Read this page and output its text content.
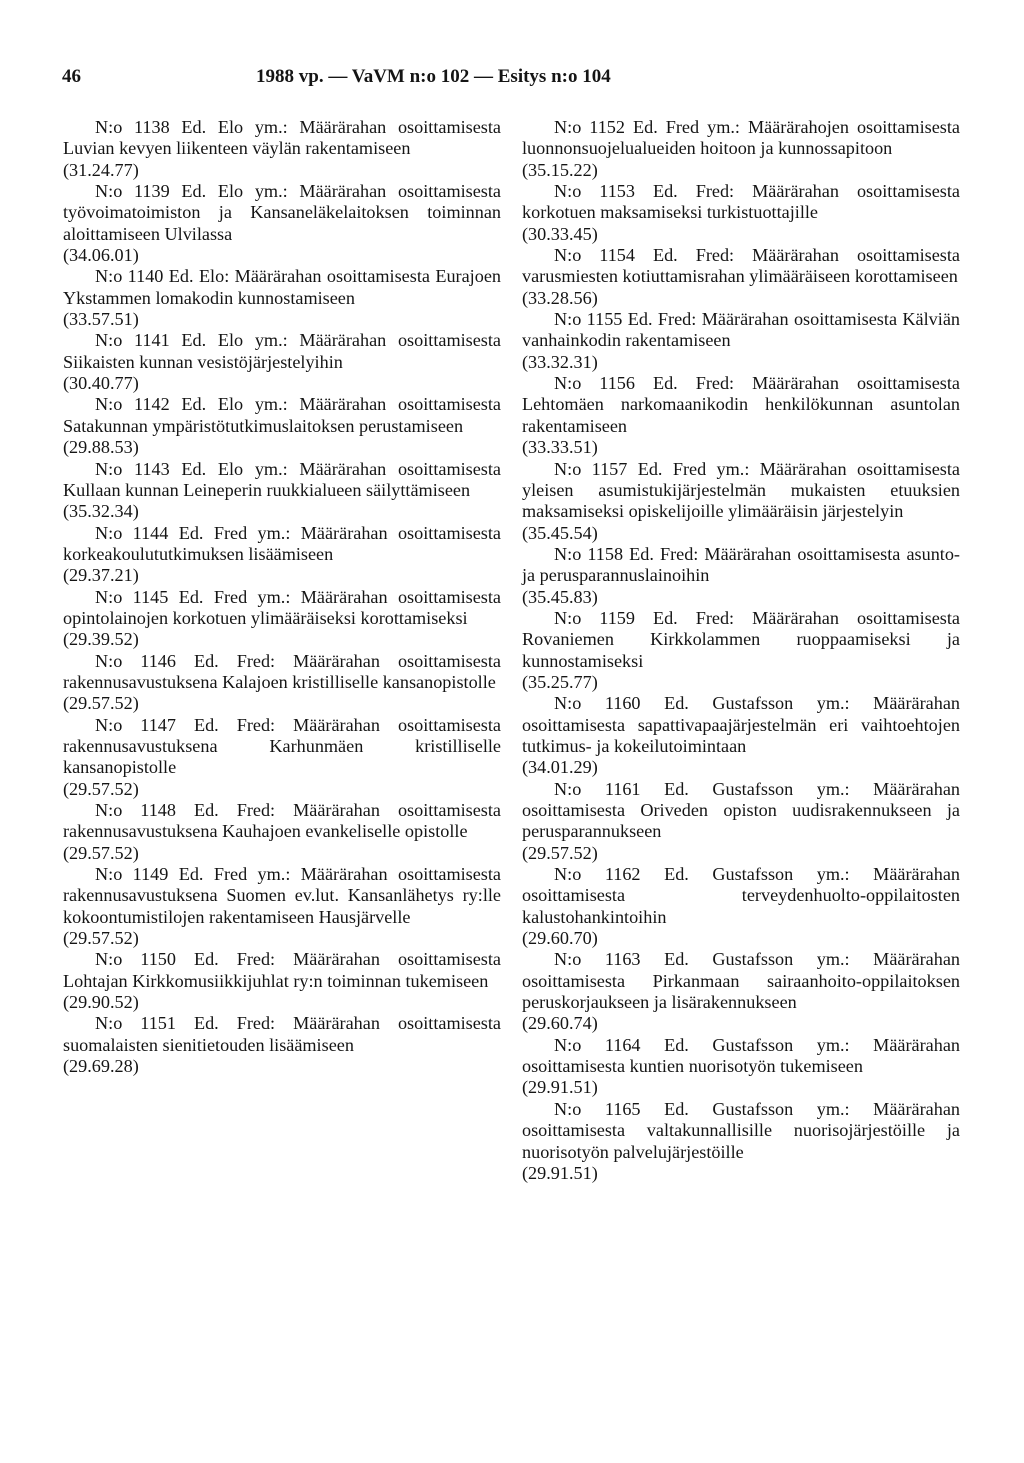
46	1988 vp. — VaVM n:o 102 — Esitys n:o 104

N:o 1138 Ed. Elo ym.: Määrärahan osoittamisesta Luvian kevyen liikenteen väylän rakentamiseen

(31.24.77)

N:o 1139 Ed. Elo ym.: Määrärahan osoittamisesta työvoimatoimiston ja Kansaneläkelaitoksen toiminnan aloittamiseen Ulvilassa

(34.06.01)

N:o 1140 Ed. Elo: Määrärahan osoittamisesta Eurajoen Ykstammen lomakodin kunnostamiseen

(33.57.51)

N:o 1141 Ed. Elo ym.: Määrärahan osoittamisesta Siikaisten kunnan vesistöjärjestelyihin

(30.40.77)

N:o 1142 Ed. Elo ym.: Määrärahan osoittamisesta Satakunnan ympäristötutkimuslaitoksen perustamiseen

(29.88.53)

N:o 1143 Ed. Elo ym.: Määrärahan osoittamisesta Kullaan kunnan Leineperin ruukkialueen säilyttämiseen

(35.32.34)

N:o 1144 Ed. Fred ym.: Määrärahan osoittamisesta korkeakoulututkimuksen lisäämiseen

(29.37.21)

N:o 1145 Ed. Fred ym.: Määrärahan osoittamisesta opintolainojen korkotuen ylimääräiseksi korottamiseksi

(29.39.52)

N:o 1146 Ed. Fred: Määrärahan osoittamisesta rakennusavustuksena Kalajoen kristilliselle kansanopistolle

(29.57.52)

N:o 1147 Ed. Fred: Määrärahan osoittamisesta rakennusavustuksena Karhunmäen kristilliselle kansanopistolle

(29.57.52)

N:o 1148 Ed. Fred: Määrärahan osoittamisesta rakennusavustuksena Kauhajoen evankeliselle opistolle

(29.57.52)

N:o 1149 Ed. Fred ym.: Määrärahan osoittamisesta rakennusavustuksena Suomen ev.lut. Kansanlähetys ry:lle kokoontumistilojen rakentamiseen Hausjärvelle

(29.57.52)

N:o 1150 Ed. Fred: Määrärahan osoittamisesta Lohtajan Kirkkomusiikkijuhlat ry:n toiminnan tukemiseen

(29.90.52)

N:o 1151 Ed. Fred: Määrärahan osoittamisesta suomalaisten sienitietouden lisäämiseen

(29.69.28)

N:o 1152 Ed. Fred ym.: Määrärahojen osoittamisesta luonnonsuojelualueiden hoitoon ja kunnossapitoon

(35.15.22)

N:o 1153 Ed. Fred: Määrärahan osoittamisesta korkotuen maksamiseksi turkistuottajille

(30.33.45)

N:o 1154 Ed. Fred: Määrärahan osoittamisesta varusmiesten kotiuttamisrahan ylimääräiseen korottamiseen

(33.28.56)

N:o 1155 Ed. Fred: Määrärahan osoittamisesta Kälviän vanhainkodin rakentamiseen

(33.32.31)

N:o 1156 Ed. Fred: Määrärahan osoittamisesta Lehtomäen narkomaanikodin henkilökunnan asuntolan rakentamiseen

(33.33.51)

N:o 1157 Ed. Fred ym.: Määrärahan osoittamisesta yleisen asumistukijärjestelmän mukaisten etuuksien maksamiseksi opiskelijoille ylimääräisin järjestelyin

(35.45.54)

N:o 1158 Ed. Fred: Määrärahan osoittamisesta asunto- ja perusparannuslainoihin

(35.45.83)

N:o 1159 Ed. Fred: Määrärahan osoittamisesta Rovaniemen Kirkkolammen ruoppaamiseksi ja kunnostamiseksi

(35.25.77)

N:o 1160 Ed. Gustafsson ym.: Määrärahan osoittamisesta sapattivapaajärjestelmän eri vaihtoehtojen tutkimus- ja kokeilutoimintaan

(34.01.29)

N:o 1161 Ed. Gustafsson ym.: Määrärahan osoittamisesta Oriveden opiston uudisrakennukseen ja perusparannukseen

(29.57.52)

N:o 1162 Ed. Gustafsson ym.: Määrärahan osoittamisesta terveydenhuolto-oppilaitosten kalustohankintoihin

(29.60.70)

N:o 1163 Ed. Gustafsson ym.: Määrärahan osoittamisesta Pirkanmaan sairaanhoito-oppilaitoksen peruskorjaukseen ja lisärakennukseen

(29.60.74)

N:o 1164 Ed. Gustafsson ym.: Määrärahan osoittamisesta kuntien nuorisotyön tukemiseen

(29.91.51)

N:o 1165 Ed. Gustafsson ym.: Määrärahan osoittamisesta valtakunnallisille nuorisojärjestöille ja nuorisotyön palvelujärjestöille

(29.91.51)
